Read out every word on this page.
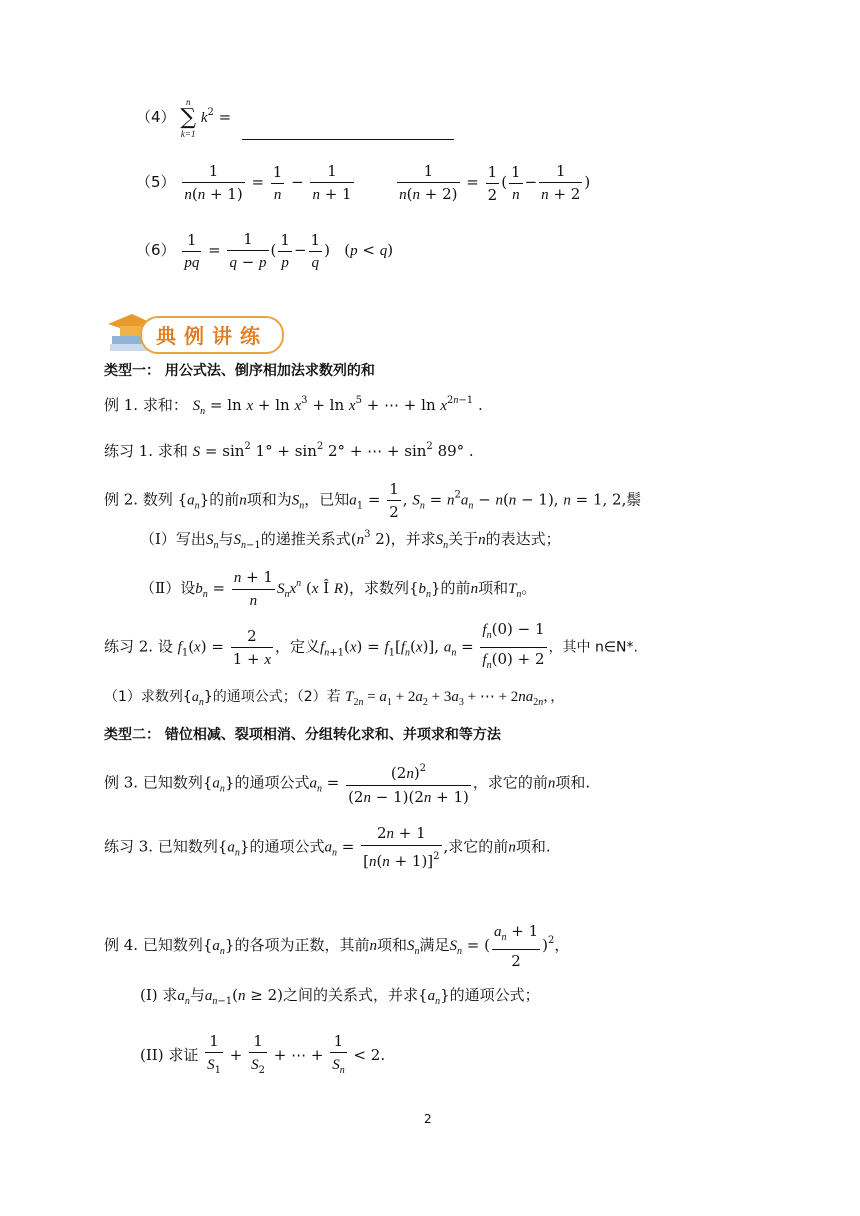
（4）
n
∑
k=1
$k^2$ =
$(5) \frac{1}{n(n + 1)} = \frac{1}{n} - \frac{1}{n + 1}$
	$\frac{1}{n(n + 2)} = \frac{1}{2}$ ( $\frac{1}{n} - \frac{1}{n + 2}$ )
$(6) \frac{1}{pq} = \frac{1}{q - p}$ ( $\frac{1}{p} - \frac{1}{q}$ )   (p < q)
典例讲练
类型一： 用公式法、倒序相加法求数列的和
例 1. 求和： $S_n = \ln x + \ln x^3 + \ln x^5$ + ⋯ + $\ln x^{2n-1}$ .
练习 1. 求和 $S = \sin^2 1^\circ + \sin^2 2^\circ$ + ⋯ + $\sin^2 89^\circ$ .
例 2. 数列 $\{a_n\}$的前n项和为$S_n$，已知$a_1 = \frac{1}{2}$ , $S_n = n^2a_n - n(n - 1)$, n = 1, 2,鬃
（Ⅰ）写出$S_n$与$S_{n-1}$的递推关系式($n^3$ 2)，并求$S_n$关于n的表达式；
（Ⅱ）设$b_n = \frac{n + 1}{n} S_nx^n$ (x Î R)，求数列$\{b_n\}$的前n项和$T_n$。
练习 2. 设 $f_1(x) = \frac{2}{1 + x}$ ，定义$f_{n+1}(x) = f_1[f_n(x)]$, $a_n = \frac{f_n(0) - 1}{f_n(0) + 2}$ ，其中 n∈N*.
（1）求数列$\{a_n\}$的通项公式；（2）若 $T_{2n} = a_1 + 2a_2 + 3a_3$ + ⋯ + $2na_{2n}$，，
类型二： 错位相减、裂项相消、分组转化求和、并项求和等方法
例 3. 已知数列$\{a_n\}$的通项公式$a_n = \frac{(2n)^2}{(2n - 1)(2n + 1)}$ ，求它的前n项和.
练习 3. 已知数列$\{a_n\}$的通项公式$a_n = \frac{2n + 1}{[n(n + 1)]^2}$ ,求它的前n项和.
例 4. 已知数列$\{a_n\}$的各项为正数，其前n项和$S_n$满足$S_n$ = ( $\frac{a_n + 1}{2} )^2$，
(I) 求$a_n$与$a_{n-1}(n \ge 2)$之间的关系式，并求$\{a_n\}$的通项公式；
(II) 求证 $\frac{1}{S_1} + \frac{1}{S_2}$ + ⋯ + $\frac{1}{S_n} < 2$.
2
